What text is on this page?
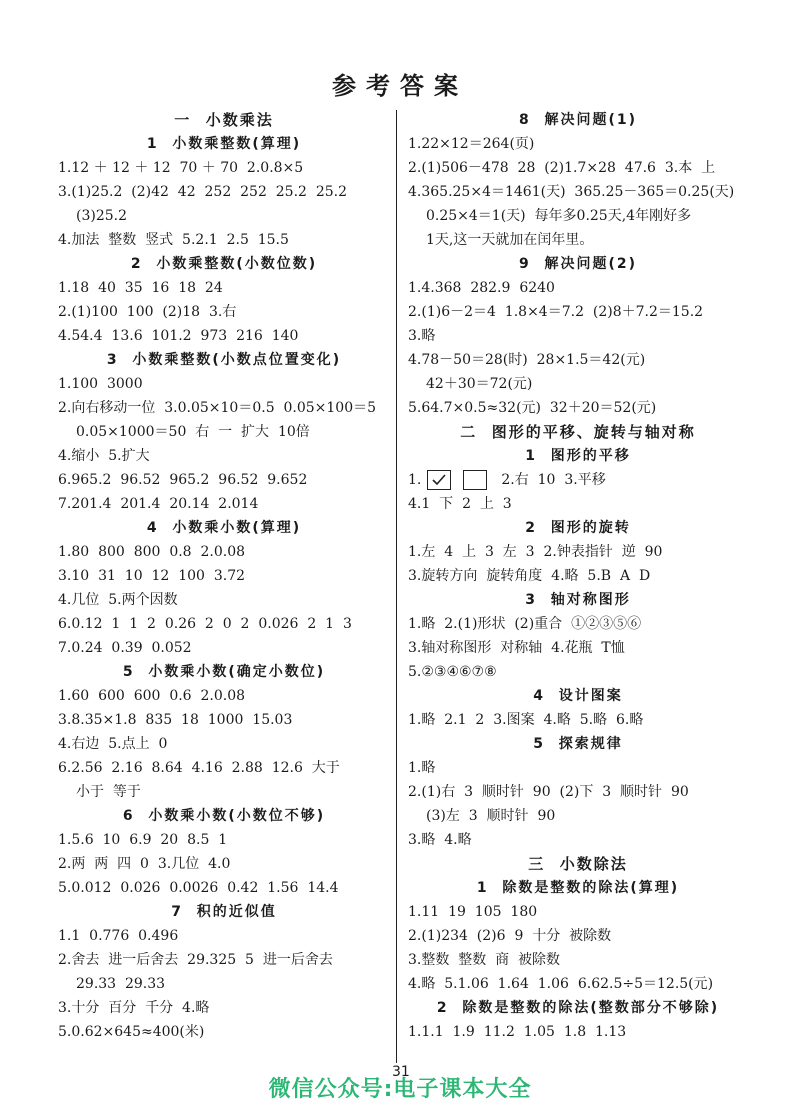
参考答案
一  小数乘法
1  小数乘整数(算理)
1.12 ＋ 12 ＋ 12  70 ＋ 70  2.0.8×5
3.(1)25.2  (2)42  42  252  252  25.2  25.2
(3)25.2
4.加法  整数  竖式  5.2.1  2.5  15.5
2  小数乘整数(小数位数)
1.18  40  35  16  18  24
2.(1)100  100  (2)18  3.右
4.54.4  13.6  101.2  973  216  140
3  小数乘整数(小数点位置变化)
1.100  3000
2.向右移动一位  3.0.05×10＝0.5  0.05×100＝5
0.05×1000＝50  右  一  扩大  10倍
4.缩小  5.扩大
6.965.2  96.52  965.2  96.52  9.652
7.201.4  201.4  20.14  2.014
4  小数乘小数(算理)
1.80  800  800  0.8  2.0.08
3.10  31  10  12  100  3.72
4.几位  5.两个因数
6.0.12  1  1  2  0.26  2  0  2  0.026  2  1  3
7.0.24  0.39  0.052
5  小数乘小数(确定小数位)
1.60  600  600  0.6  2.0.08
3.8.35×1.8  835  18  1000  15.03
4.右边  5.点上  0
6.2.56  2.16  8.64  4.16  2.88  12.6  大于
小于  等于
6  小数乘小数(小数位不够)
1.5.6  10  6.9  20  8.5  1
2.两  两  四  0  3.几位  4.0
5.0.012  0.026  0.0026  0.42  1.56  14.4
7  积的近似值
1.1  0.776  0.496
2.舍去  进一后舍去  29.325  5  进一后舍去
29.33  29.33
3.十分  百分  千分  4.略
5.0.62×645≈400(米)
8  解决问题(1)
1.22×12＝264(页)
2.(1)506－478  28  (2)1.7×28  47.6  3.本  上
4.365.25×4＝1461(天)  365.25－365＝0.25(天)
0.25×4＝1(天)  每年多0.25天,4年刚好多
1天,这一天就加在闰年里。
9  解决问题(2)
1.4.368  282.9  6240
2.(1)6－2＝4  1.8×4＝7.2  (2)8＋7.2＝15.2
3.略
4.78－50＝28(时)  28×1.5＝42(元)
42＋30＝72(元)
5.64.7×0.5≈32(元)  32＋20＝52(元)
二  图形的平移、旋转与轴对称
1  图形的平移
1.	2.右  10  3.平移
4.1  下  2  上  3
2  图形的旋转
1.左  4  上  3  左  3  2.钟表指针  逆  90
3.旋转方向  旋转角度  4.略  5.B  A  D
3  轴对称图形
1.略  2.(1)形状  (2)重合  ①②③⑤⑥
3.轴对称图形  对称轴  4.花瓶  T恤
5.②③④⑥⑦⑧
4  设计图案
1.略  2.1  2  3.图案  4.略  5.略  6.略
5  探索规律
1.略
2.(1)右  3  顺时针  90  (2)下  3  顺时针  90
(3)左  3  顺时针  90
3.略  4.略
三  小数除法
1  除数是整数的除法(算理)
1.11  19  105  180
2.(1)234  (2)6  9  十分  被除数
3.整数  整数  商  被除数
4.略  5.1.06  1.64  1.06  6.62.5÷5＝12.5(元)
2  除数是整数的除法(整数部分不够除)
1.1.1  1.9  11.2  1.05  1.8  1.13
31
微信公众号:电子课本大全
